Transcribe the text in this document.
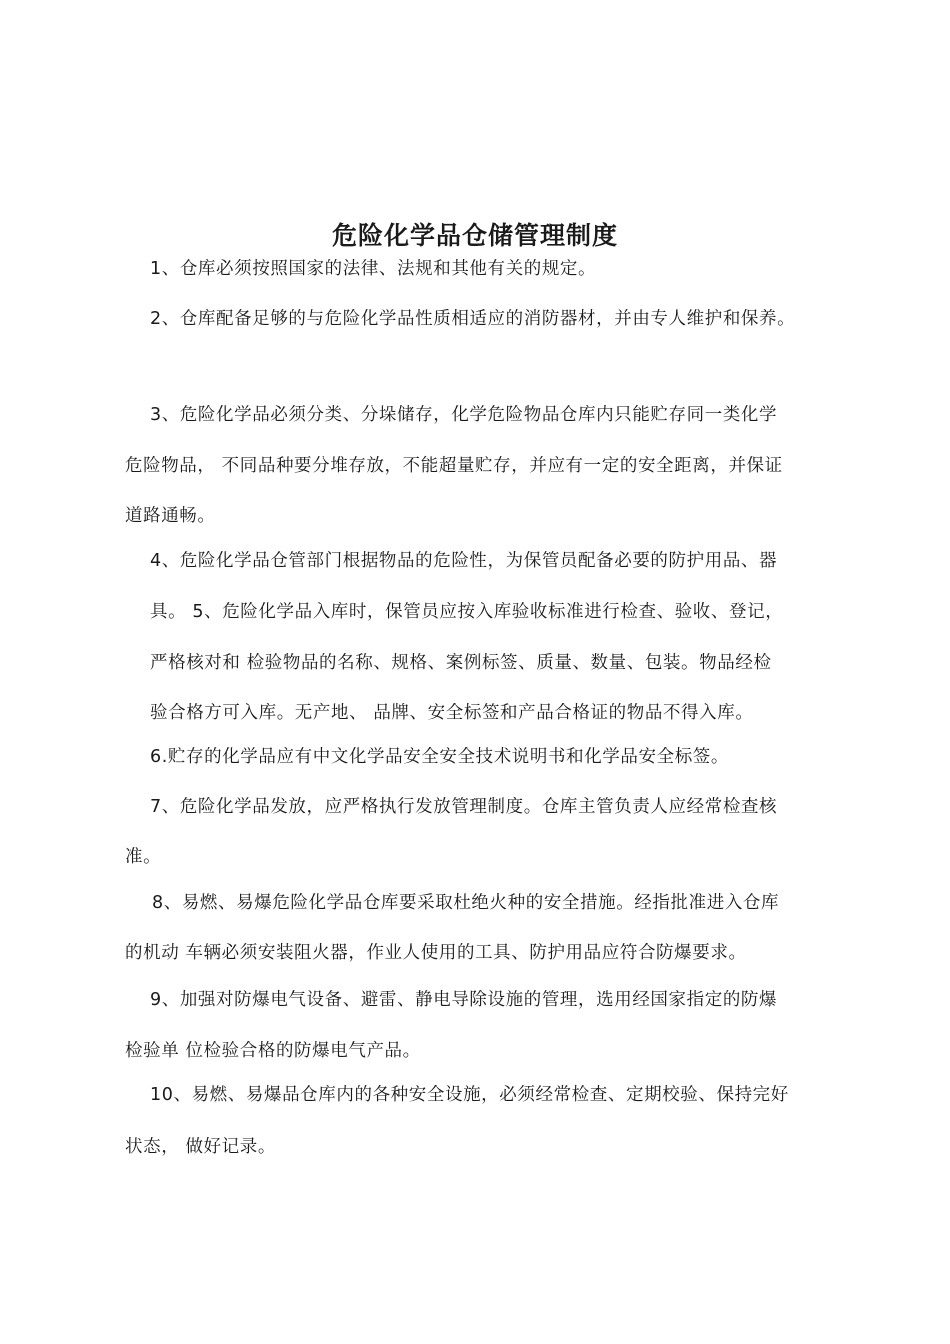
危险化学品仓储管理制度
1、仓库必须按照国家的法律、法规和其他有关的规定。
2、仓库配备足够的与危险化学品性质相适应的消防器材，并由专人维护和保养。
3、危险化学品必须分类、分垛储存，化学危险物品仓库内只能贮存同一类化学
危险物品， 不同品种要分堆存放，不能超量贮存，并应有一定的安全距离，并保证
道路通畅。
4、危险化学品仓管部门根据物品的危险性，为保管员配备必要的防护用品、器
具。 5、危险化学品入库时，保管员应按入库验收标准进行检查、验收、登记，
严格核对和 检验物品的名称、规格、案例标签、质量、数量、包装。物品经检
验合格方可入库。无产地、 品牌、安全标签和产品合格证的物品不得入库。
6.贮存的化学品应有中文化学品安全安全技术说明书和化学品安全标签。
7、危险化学品发放，应严格执行发放管理制度。仓库主管负责人应经常检查核
准。
8、易燃、易爆危险化学品仓库要采取杜绝火种的安全措施。经指批准进入仓库
的机动 车辆必须安装阻火器，作业人使用的工具、防护用品应符合防爆要求。
9、加强对防爆电气设备、避雷、静电导除设施的管理，选用经国家指定的防爆
检验单 位检验合格的防爆电气产品。
10、易燃、易爆品仓库内的各种安全设施，必须经常检查、定期校验、保持完好
状态， 做好记录。
